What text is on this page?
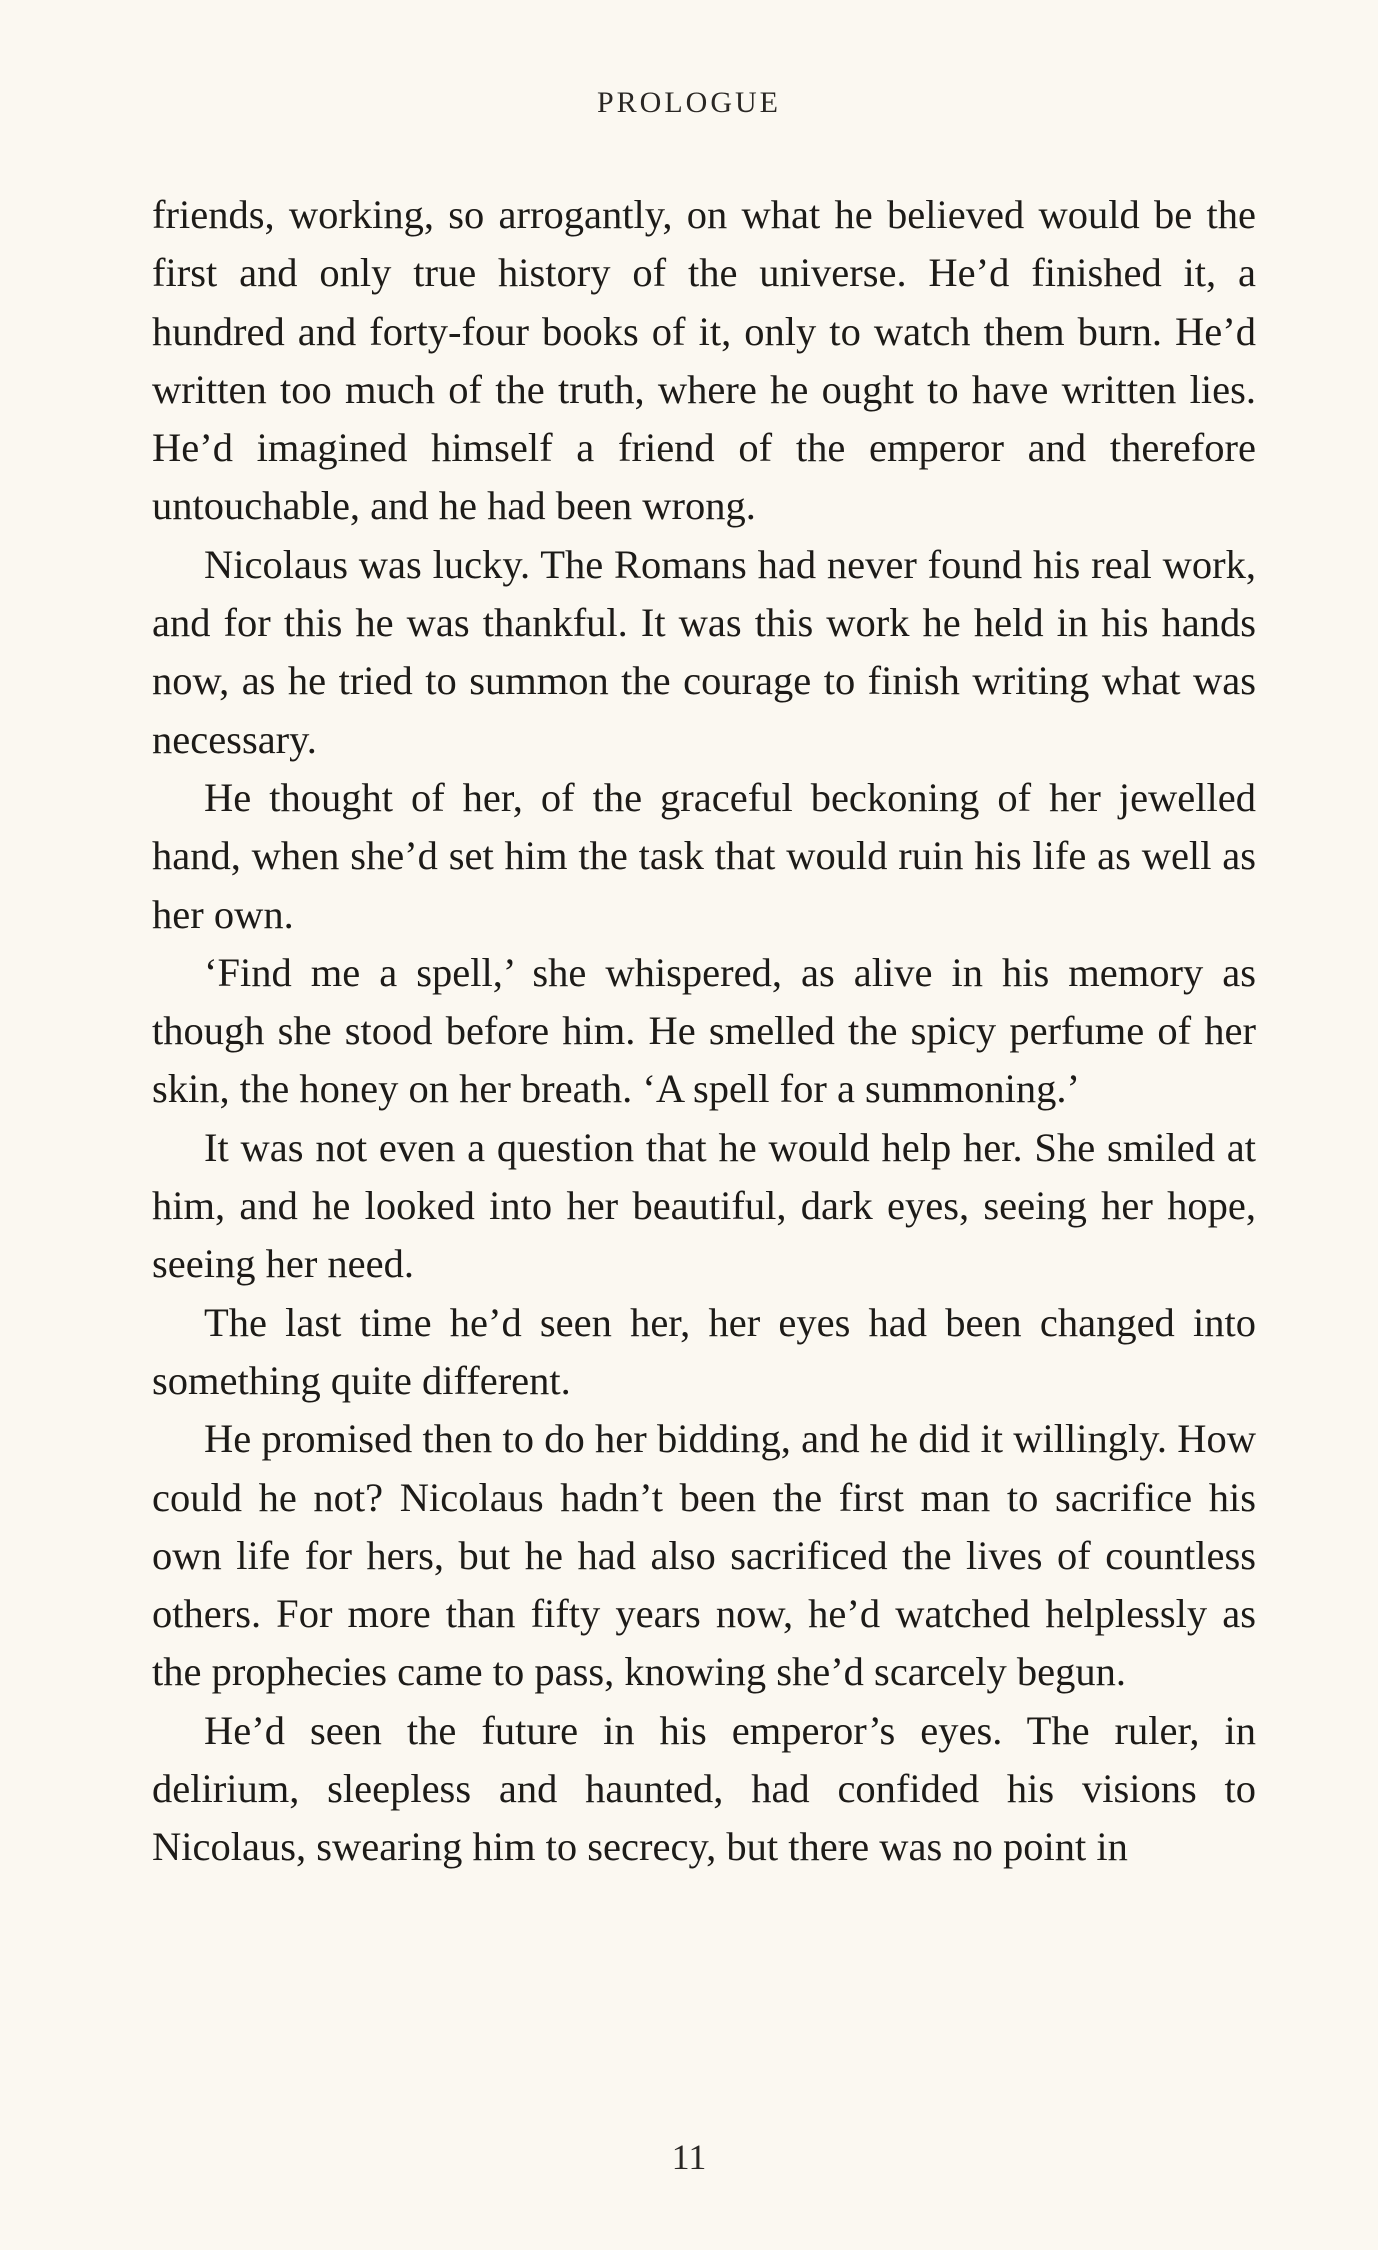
PROLOGUE

friends, working, so arrogantly, on what he believed would be the first and only true history of the universe. He’d finished it, a hundred and forty-four books of it, only to watch them burn. He’d written too much of the truth, where he ought to have written lies. He’d imagined himself a friend of the emperor and therefore untouchable, and he had been wrong.

Nicolaus was lucky. The Romans had never found his real work, and for this he was thankful. It was this work he held in his hands now, as he tried to summon the courage to finish writing what was necessary.

He thought of her, of the graceful beckoning of her jewelled hand, when she’d set him the task that would ruin his life as well as her own.

‘Find me a spell,’ she whispered, as alive in his memory as though she stood before him. He smelled the spicy perfume of her skin, the honey on her breath. ‘A spell for a summoning.’

It was not even a question that he would help her. She smiled at him, and he looked into her beautiful, dark eyes, seeing her hope, seeing her need.

The last time he’d seen her, her eyes had been changed into something quite different.

He promised then to do her bidding, and he did it willingly. How could he not? Nicolaus hadn’t been the first man to sacrifice his own life for hers, but he had also sacrificed the lives of countless others. For more than fifty years now, he’d watched helplessly as the prophecies came to pass, knowing she’d scarcely begun.

He’d seen the future in his emperor’s eyes. The ruler, in delirium, sleepless and haunted, had confided his visions to Nicolaus, swearing him to secrecy, but there was no point in

11
